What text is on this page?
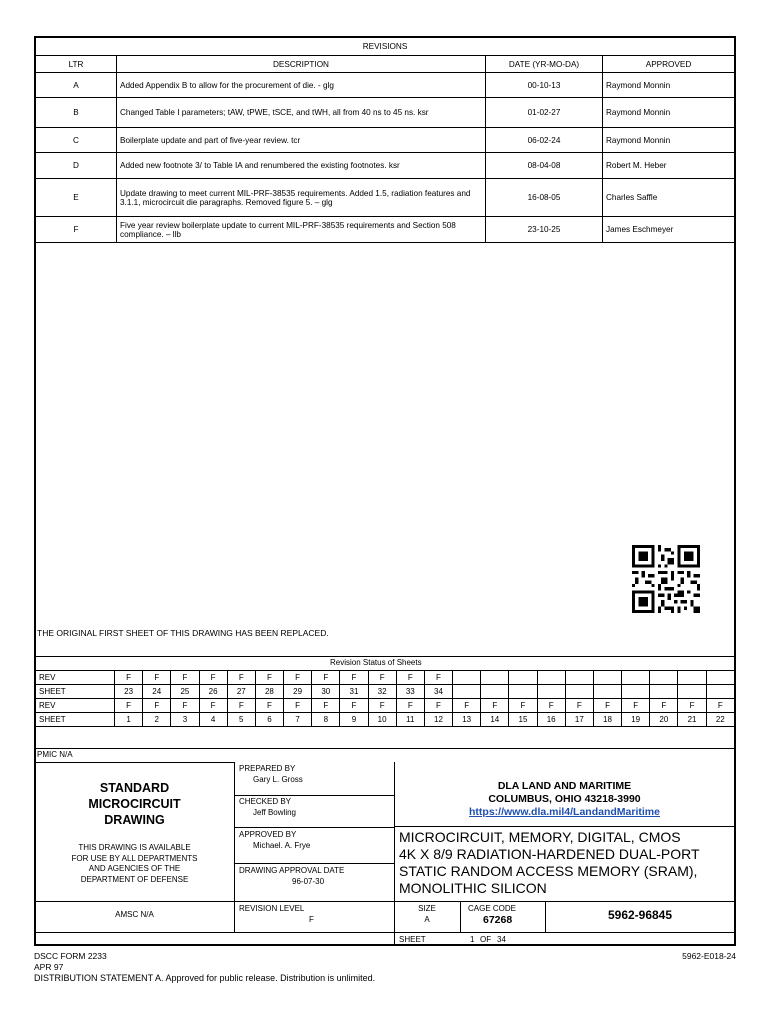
REVISIONS			
LTR	DESCRIPTION	DATE (YR-MO-DA)	APPROVED
A	Added Appendix B to allow for the procurement of die. - glg	00-10-13	Raymond Monnin
B	Changed Table I parameters; tAW, tPWE, tSCE, and tWH, all from 40 ns to 45 ns. ksr	01-02-27	Raymond Monnin
C	Boilerplate update and part of five-year review. tcr	06-02-24	Raymond Monnin
D	Added new footnote 3/ to Table IA and renumbered the existing footnotes. ksr	08-04-08	Robert M. Heber
E	Update drawing to meet current MIL-PRF-38535 requirements. Added 1.5, radiation features and 3.1.1, microcircuit die paragraphs. Removed figure 5. – glg	16-08-05	Charles Saffle
F	Five year review boilerplate update to current MIL-PRF-38535 requirements and Section 508 compliance. – llb	23-10-25	James Eschmeyer
THE ORIGINAL FIRST SHEET OF THIS DRAWING HAS BEEN REPLACED.
Revision Status of Sheets
REV	F	F	F	F	F	F	F	F	F	F	F	F										
SHEET	23	24	25	26	27	28	29	30	31	32	33	34										
REV	F	F	F	F	F	F	F	F	F	F	F	F	F	F	F	F	F	F	F	F	F	F
SHEET	1	2	3	4	5	6	7	8	9	10	11	12	13	14	15	16	17	18	19	20	21	22
PMIC N/A
STANDARD
MICROCIRCUIT
DRAWING
THIS DRAWING IS AVAILABLE
FOR USE BY ALL DEPARTMENTS
AND AGENCIES OF THE
DEPARTMENT OF DEFENSE
PREPARED BY
Gary L. Gross
CHECKED BY
Jeff Bowling
APPROVED BY
Michael. A. Frye
DRAWING APPROVAL DATE
96-07-30
REVISION LEVEL
F
AMSC N/A
DLA LAND AND MARITIME
COLUMBUS, OHIO 43218-3990
https://www.dla.mil4/LandandMaritime
MICROCIRCUIT, MEMORY, DIGITAL, CMOS
4K X 8/9 RADIATION-HARDENED DUAL-PORT
STATIC RANDOM ACCESS MEMORY (SRAM),
MONOLITHIC SILICON
SIZE
A
CAGE CODE
67268	5962-96845
SHEET	1 OF 34
DSCC FORM 2233
APR 97
DISTRIBUTION STATEMENT A. Approved for public release. Distribution is unlimited.
5962-E018-24
